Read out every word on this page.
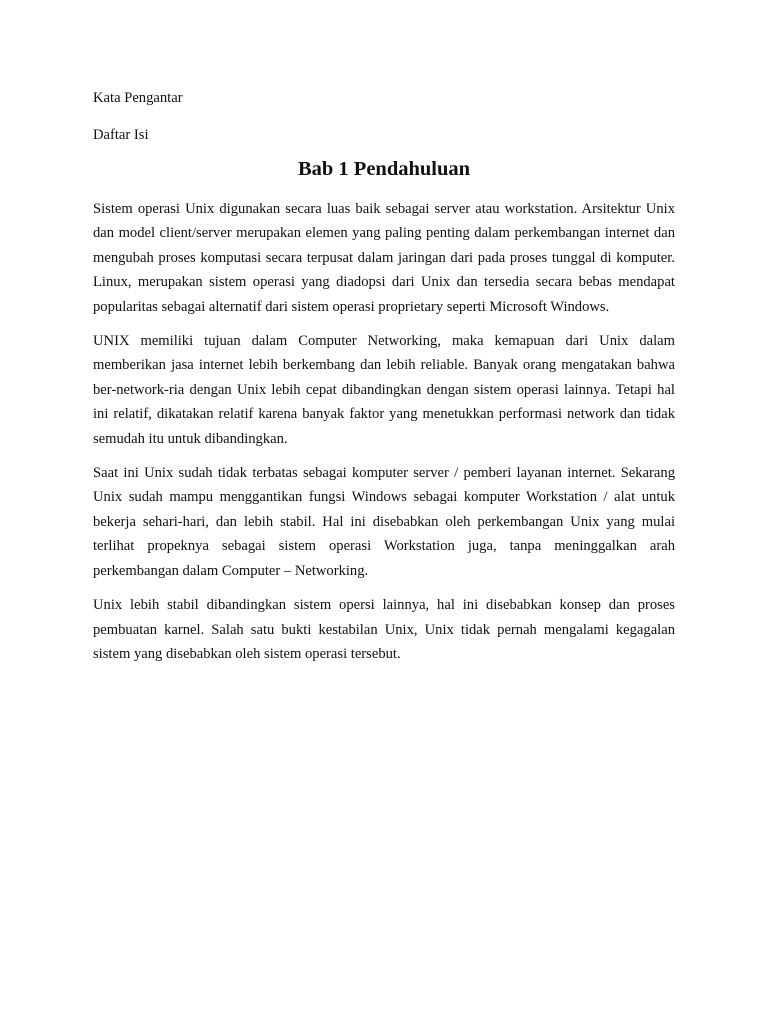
Kata Pengantar

Daftar Isi

Bab 1 Pendahuluan

Sistem operasi Unix digunakan secara luas baik sebagai server atau workstation. Arsitektur Unix dan model client/server merupakan elemen yang paling penting dalam perkembangan internet dan mengubah proses komputasi secara terpusat dalam jaringan dari pada proses tunggal di komputer. Linux, merupakan sistem operasi yang diadopsi dari Unix dan tersedia secara bebas mendapat popularitas sebagai alternatif dari sistem operasi proprietary seperti Microsoft Windows.

UNIX memiliki tujuan dalam Computer Networking, maka kemapuan dari Unix dalam memberikan jasa internet lebih berkembang dan lebih reliable. Banyak orang mengatakan bahwa ber-network-ria dengan Unix lebih cepat dibandingkan dengan sistem operasi lainnya. Tetapi hal ini relatif, dikatakan relatif karena banyak faktor yang menetukkan performasi network dan tidak semudah itu untuk dibandingkan.

Saat ini Unix sudah tidak terbatas sebagai komputer server / pemberi layanan internet. Sekarang Unix sudah mampu menggantikan fungsi Windows sebagai komputer Workstation / alat untuk bekerja sehari-hari, dan lebih stabil. Hal ini disebabkan oleh perkembangan Unix yang mulai terlihat propeknya sebagai sistem operasi Workstation juga, tanpa meninggalkan arah perkembangan dalam Computer – Networking.

Unix lebih stabil dibandingkan sistem opersi lainnya, hal ini disebabkan konsep dan proses pembuatan karnel. Salah satu bukti kestabilan Unix, Unix tidak pernah mengalami kegagalan sistem yang disebabkan oleh sistem operasi tersebut.
